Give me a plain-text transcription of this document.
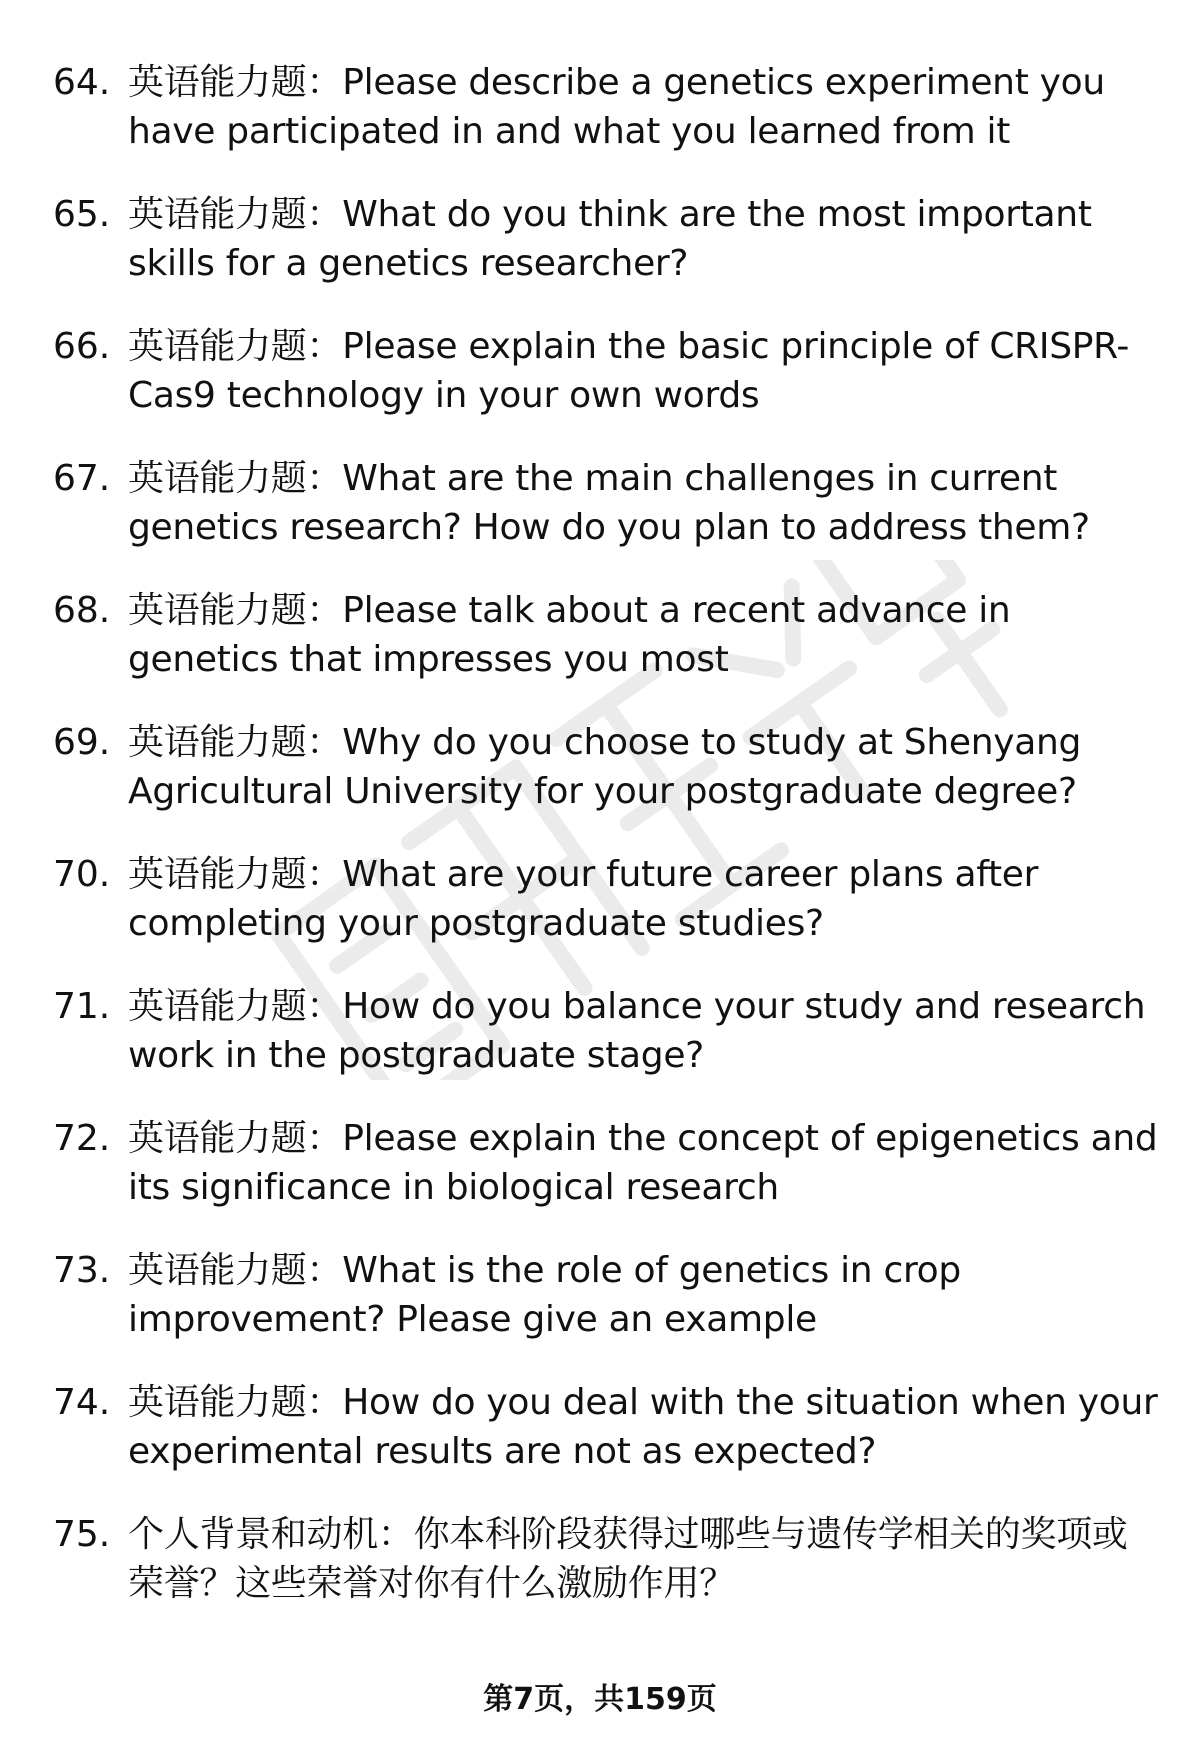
64. 英语能力题：Please describe a genetics experiment you have participated in and what you learned from it
65. 英语能力题：What do you think are the most important skills for a genetics researcher?
66. 英语能力题：Please explain the basic principle of CRISPR-Cas9 technology in your own words
67. 英语能力题：What are the main challenges in current genetics research? How do you plan to address them?
68. 英语能力题：Please talk about a recent advance in genetics that impresses you most
69. 英语能力题：Why do you choose to study at Shenyang Agricultural University for your postgraduate degree?
70. 英语能力题：What are your future career plans after completing your postgraduate studies?
71. 英语能力题：How do you balance your study and research work in the postgraduate stage?
72. 英语能力题：Please explain the concept of epigenetics and its significance in biological research
73. 英语能力题：What is the role of genetics in crop improvement? Please give an example
74. 英语能力题：How do you deal with the situation when your experimental results are not as expected?
75. 个人背景和动机：你本科阶段获得过哪些与遗传学相关的奖项或荣誉？这些荣誉对你有什么激励作用？
第7页，共159页
